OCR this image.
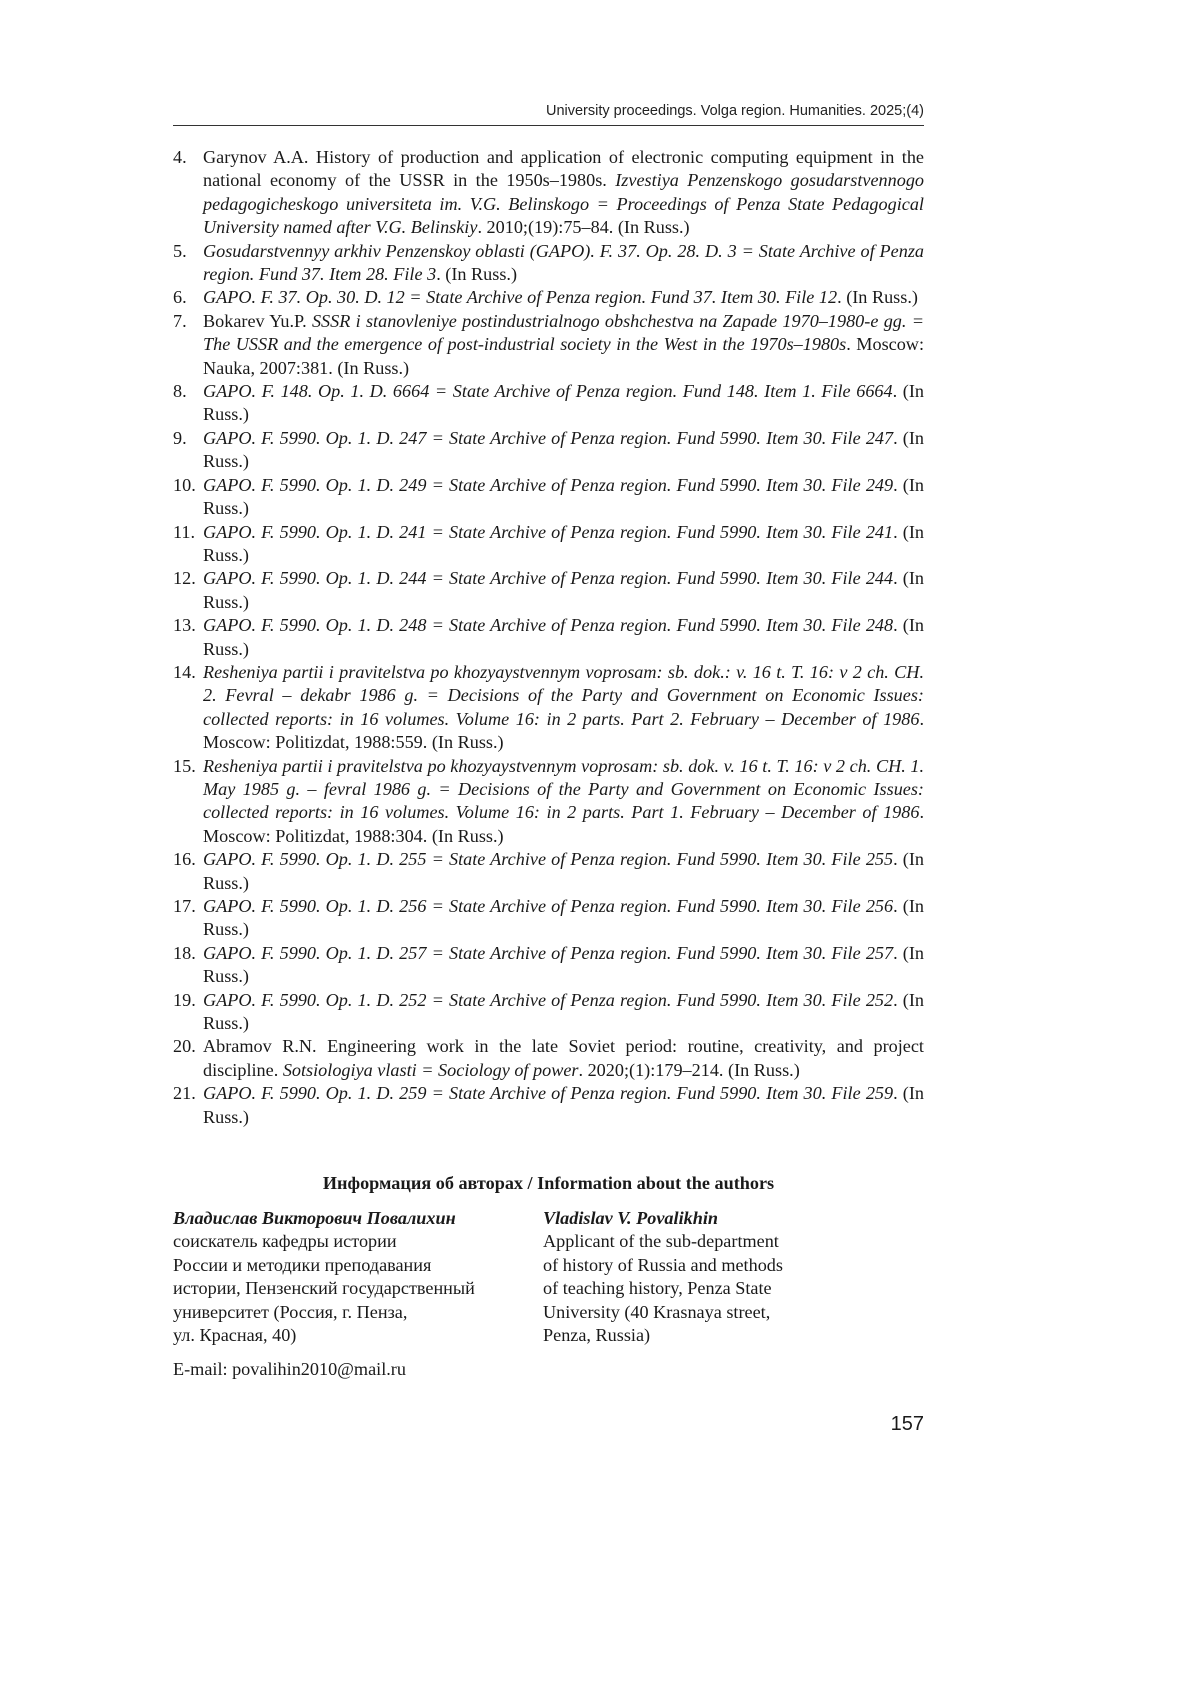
University proceedings. Volga region. Humanities. 2025;(4)
4. Garynov A.A. History of production and application of electronic computing equipment in the national economy of the USSR in the 1950s–1980s. Izvestiya Penzenskogo gosudarstvennogo pedagogicheskogo universiteta im. V.G. Belinskogo = Proceedings of Penza State Pedagogical University named after V.G. Belinskiy. 2010;(19):75–84. (In Russ.)
5. Gosudarstvennyy arkhiv Penzenskoy oblasti (GAPO). F. 37. Op. 28. D. 3 = State Archive of Penza region. Fund 37. Item 28. File 3. (In Russ.)
6. GAPO. F. 37. Op. 30. D. 12 = State Archive of Penza region. Fund 37. Item 30. File 12. (In Russ.)
7. Bokarev Yu.P. SSSR i stanovleniye postindustrialnogo obshchestva na Zapade 1970–1980-e gg. = The USSR and the emergence of post-industrial society in the West in the 1970s–1980s. Moscow: Nauka, 2007:381. (In Russ.)
8. GAPO. F. 148. Op. 1. D. 6664 = State Archive of Penza region. Fund 148. Item 1. File 6664. (In Russ.)
9. GAPO. F. 5990. Op. 1. D. 247 = State Archive of Penza region. Fund 5990. Item 30. File 247. (In Russ.)
10. GAPO. F. 5990. Op. 1. D. 249 = State Archive of Penza region. Fund 5990. Item 30. File 249. (In Russ.)
11. GAPO. F. 5990. Op. 1. D. 241 = State Archive of Penza region. Fund 5990. Item 30. File 241. (In Russ.)
12. GAPO. F. 5990. Op. 1. D. 244 = State Archive of Penza region. Fund 5990. Item 30. File 244. (In Russ.)
13. GAPO. F. 5990. Op. 1. D. 248 = State Archive of Penza region. Fund 5990. Item 30. File 248. (In Russ.)
14. Resheniya partii i pravitelstva po khozyaystvennym voprosam: sb. dok.: v. 16 t. T. 16: v 2 ch. CH. 2. Fevral – dekabr 1986 g. = Decisions of the Party and Government on Economic Issues: collected reports: in 16 volumes. Volume 16: in 2 parts. Part 2. February – December of 1986. Moscow: Politizdat, 1988:559. (In Russ.)
15. Resheniya partii i pravitelstva po khozyaystvennym voprosam: sb. dok. v. 16 t. T. 16: v 2 ch. CH. 1. May 1985 g. – fevral 1986 g. = Decisions of the Party and Government on Economic Issues: collected reports: in 16 volumes. Volume 16: in 2 parts. Part 1. February – December of 1986. Moscow: Politizdat, 1988:304. (In Russ.)
16. GAPO. F. 5990. Op. 1. D. 255 = State Archive of Penza region. Fund 5990. Item 30. File 255. (In Russ.)
17. GAPO. F. 5990. Op. 1. D. 256 = State Archive of Penza region. Fund 5990. Item 30. File 256. (In Russ.)
18. GAPO. F. 5990. Op. 1. D. 257 = State Archive of Penza region. Fund 5990. Item 30. File 257. (In Russ.)
19. GAPO. F. 5990. Op. 1. D. 252 = State Archive of Penza region. Fund 5990. Item 30. File 252. (In Russ.)
20. Abramov R.N. Engineering work in the late Soviet period: routine, creativity, and project discipline. Sotsiologiya vlasti = Sociology of power. 2020;(1):179–214. (In Russ.)
21. GAPO. F. 5990. Op. 1. D. 259 = State Archive of Penza region. Fund 5990. Item 30. File 259. (In Russ.)
Информация об авторах / Information about the authors
Владислав Викторович Повалихин
соискатель кафедры истории
России и методики преподавания
истории, Пензенский государственный
университет (Россия, г. Пенза,
ул. Красная, 40)
Vladislav V. Povalikhin
Applicant of the sub-department
of history of Russia and methods
of teaching history, Penza State
University (40 Krasnaya street,
Penza, Russia)
E-mail: povalihin2010@mail.ru
157
